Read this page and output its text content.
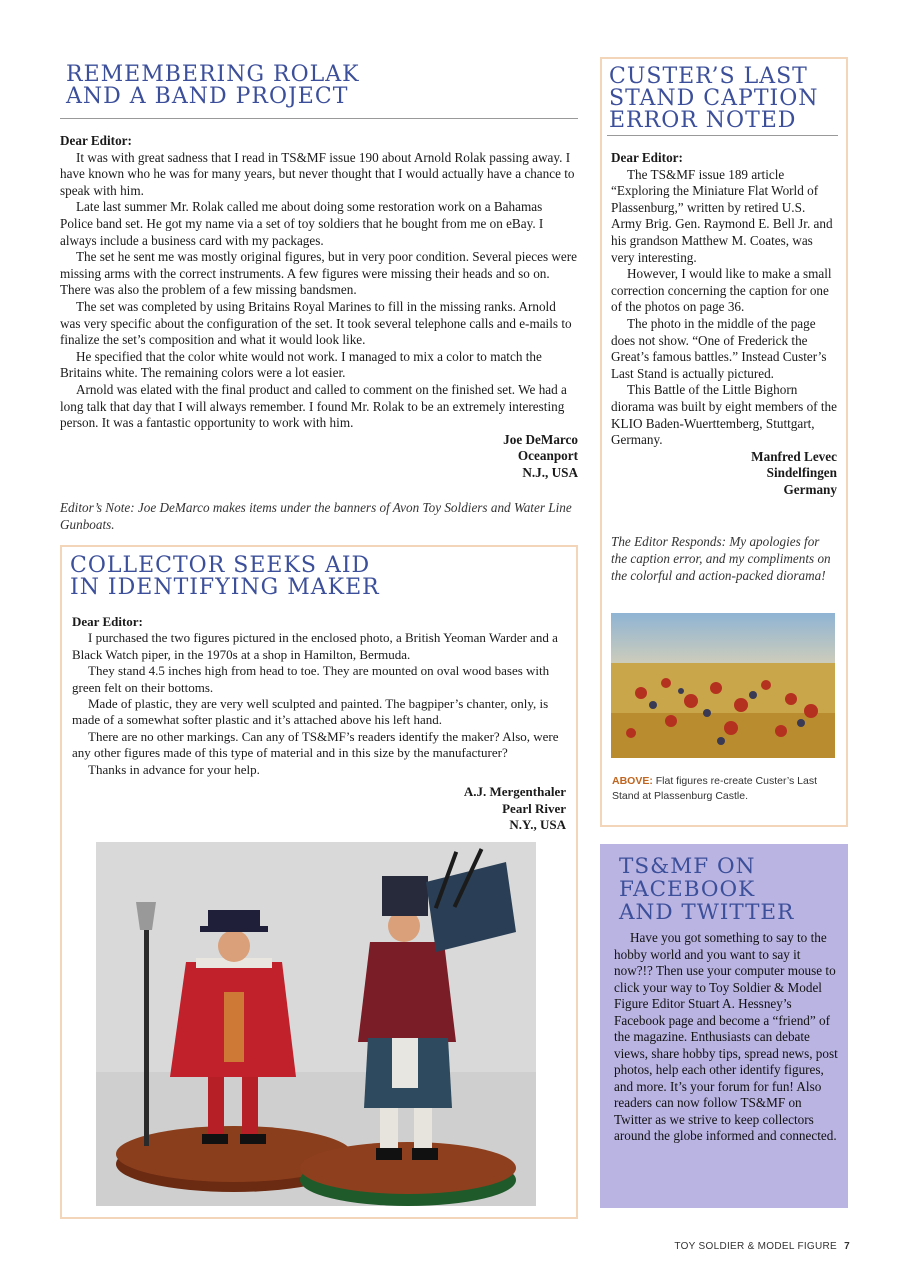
REMEMBERING ROLAK
AND A BAND PROJECT

Dear Editor:

It was with great sadness that I read in TS&MF issue 190 about Arnold Rolak passing away. I have known who he was for many years, but never thought that I would actually have a chance to speak with him.

Late last summer Mr. Rolak called me about doing some restoration work on a Bahamas Police band set. He got my name via a set of toy soldiers that he bought from me on eBay. I always include a business card with my packages.

The set he sent me was mostly original figures, but in very poor condition. Several pieces were missing arms with the correct instruments. A few figures were missing their heads and so on. There was also the problem of a few missing bandsmen.

The set was completed by using Britains Royal Marines to fill in the missing ranks. Arnold was very specific about the configuration of the set. It took several telephone calls and e-mails to finalize the set’s composition and what it would look like.

He specified that the color white would not work. I managed to mix a color to match the Britains white. The remaining colors were a lot easier.

Arnold was elated with the final product and called to comment on the finished set. We had a long talk that day that I will always remember. I found Mr. Rolak to be an extremely interesting person. It was a fantastic opportunity to work with him.

Joe DeMarco
Oceanport
N.J., USA
Editor’s Note: Joe DeMarco makes items under the banners of Avon Toy Soldiers and Water Line Gunboats.
COLLECTOR SEEKS AID
IN IDENTIFYING MAKER

Dear Editor:

I purchased the two figures pictured in the enclosed photo, a British Yeoman Warder and a Black Watch piper, in the 1970s at a shop in Hamilton, Bermuda.

They stand 4.5 inches high from head to toe. They are mounted on oval wood bases with green felt on their bottoms.

Made of plastic, they are very well sculpted and painted. The bagpiper’s chanter, only, is made of a somewhat softer plastic and it’s attached above his left hand.

There are no other markings. Can any of TS&MF’s readers identify the maker? Also, were any other figures made of this type of material and in this size by the manufacturer?

Thanks in advance for your help.

A.J. Mergenthaler
Pearl River
N.Y., USA
CUSTER’S LAST
STAND CAPTION
ERROR NOTED

Dear Editor:

The TS&MF issue 189 article “Exploring the Miniature Flat World of Plassenburg,” written by retired U.S. Army Brig. Gen. Raymond E. Bell Jr. and his grandson Matthew M. Coates, was very interesting.

However, I would like to make a small correction concerning the caption for one of the photos on page 36.

The photo in the middle of the page does not show. “One of Frederick the Great’s famous battles.” Instead Custer’s Last Stand is actually pictured.

This Battle of the Little Bighorn diorama was built by eight members of the KLIO Baden-Wuerttemberg, Stuttgart, Germany.

Manfred Levec
Sindelfingen
Germany
The Editor Responds: My apologies for the caption error, and my compliments on the colorful and action-packed diorama!
ABOVE: Flat figures re-create Custer’s Last Stand at Plassenburg Castle.
TS&MF ON
FACEBOOK
AND TWITTER

Have you got something to say to the hobby world and you want to say it now?!? Then use your computer mouse to click your way to Toy Soldier & Model Figure Editor Stuart A. Hessney’s Facebook page and become a “friend” of the magazine. Enthusiasts can debate views, share hobby tips, spread news, post photos, help each other identify figures, and more. It’s your forum for fun! Also readers can now follow TS&MF on Twitter as we strive to keep collectors around the globe informed and connected.

TOY SOLDIER & MODEL FIGURE 7
